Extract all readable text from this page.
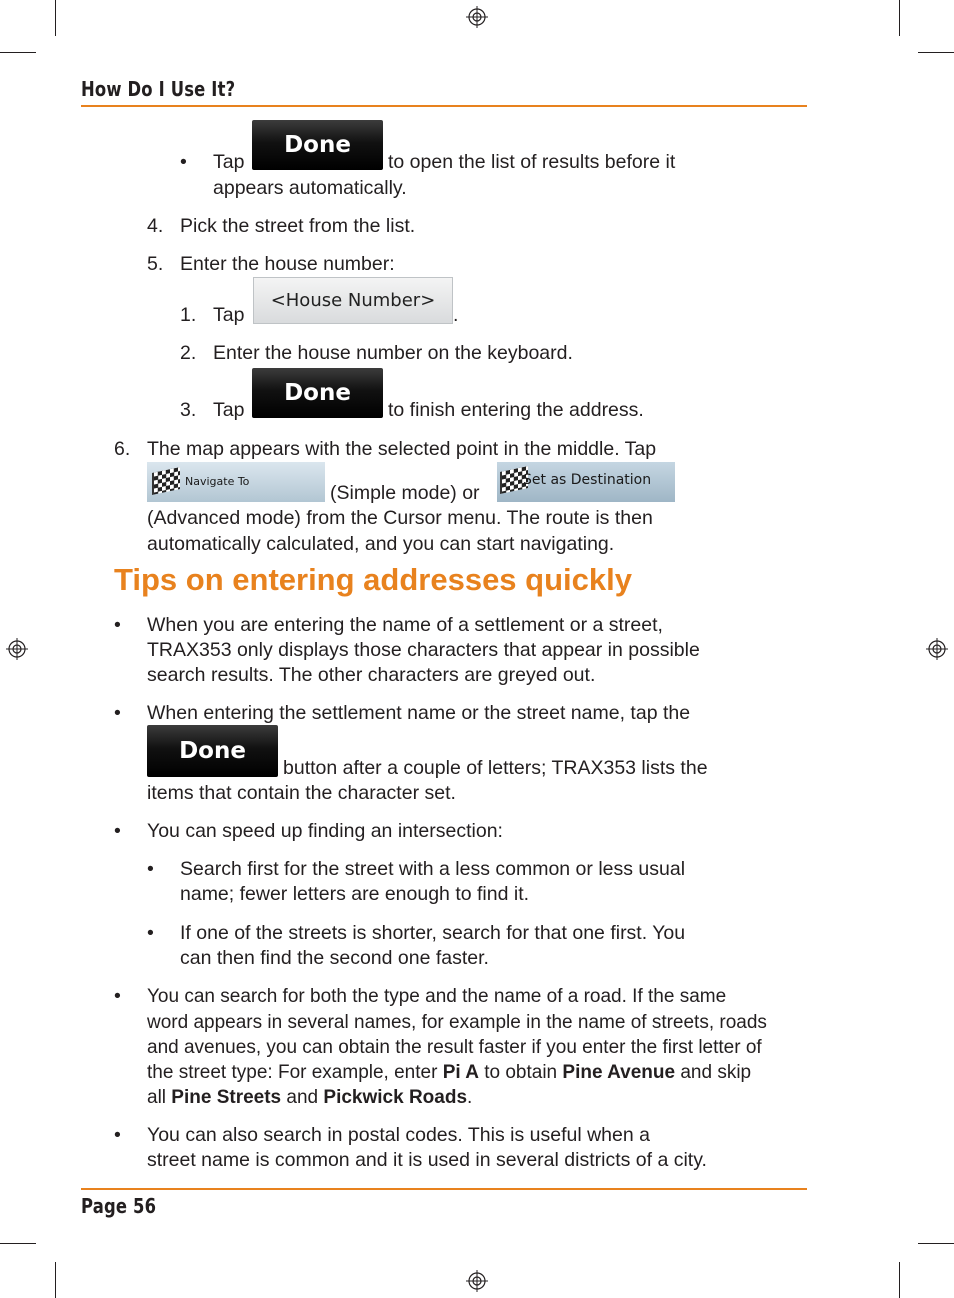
How Do I Use It?
• Tap
Done
to open the list of results before it
appears automatically.
4. Pick the street from the list.
5. Enter the house number:
1. Tap
<House Number>
.
2. Enter the house number on the keyboard.
3. Tap
Done
to finish entering the address.
6. The map appears with the selected point in the middle. Tap
Navigate To
(Simple mode) or
Set as Destination
(Advanced mode) from the Cursor menu. The route is then
automatically calculated, and you can start navigating.
Tips on entering addresses quickly
• When you are entering the name of a settlement or a street,
TRAX353 only displays those characters that appear in possible
search results. The other characters are greyed out.
• When entering the settlement name or the street name, tap the
Done
button after a couple of letters; TRAX353 lists the
items that contain the character set.
• You can speed up finding an intersection:
• Search first for the street with a less common or less usual
name; fewer letters are enough to find it.
• If one of the streets is shorter, search for that one first. You
can then find the second one faster.
• You can search for both the type and the name of a road. If the same
word appears in several names, for example in the name of streets, roads
and avenues, you can obtain the result faster if you enter the first letter of
the street type: For example, enter Pi A to obtain Pine Avenue and skip
all Pine Streets and Pickwick Roads.
• You can also search in postal codes. This is useful when a
street name is common and it is used in several districts of a city.
Page 56
